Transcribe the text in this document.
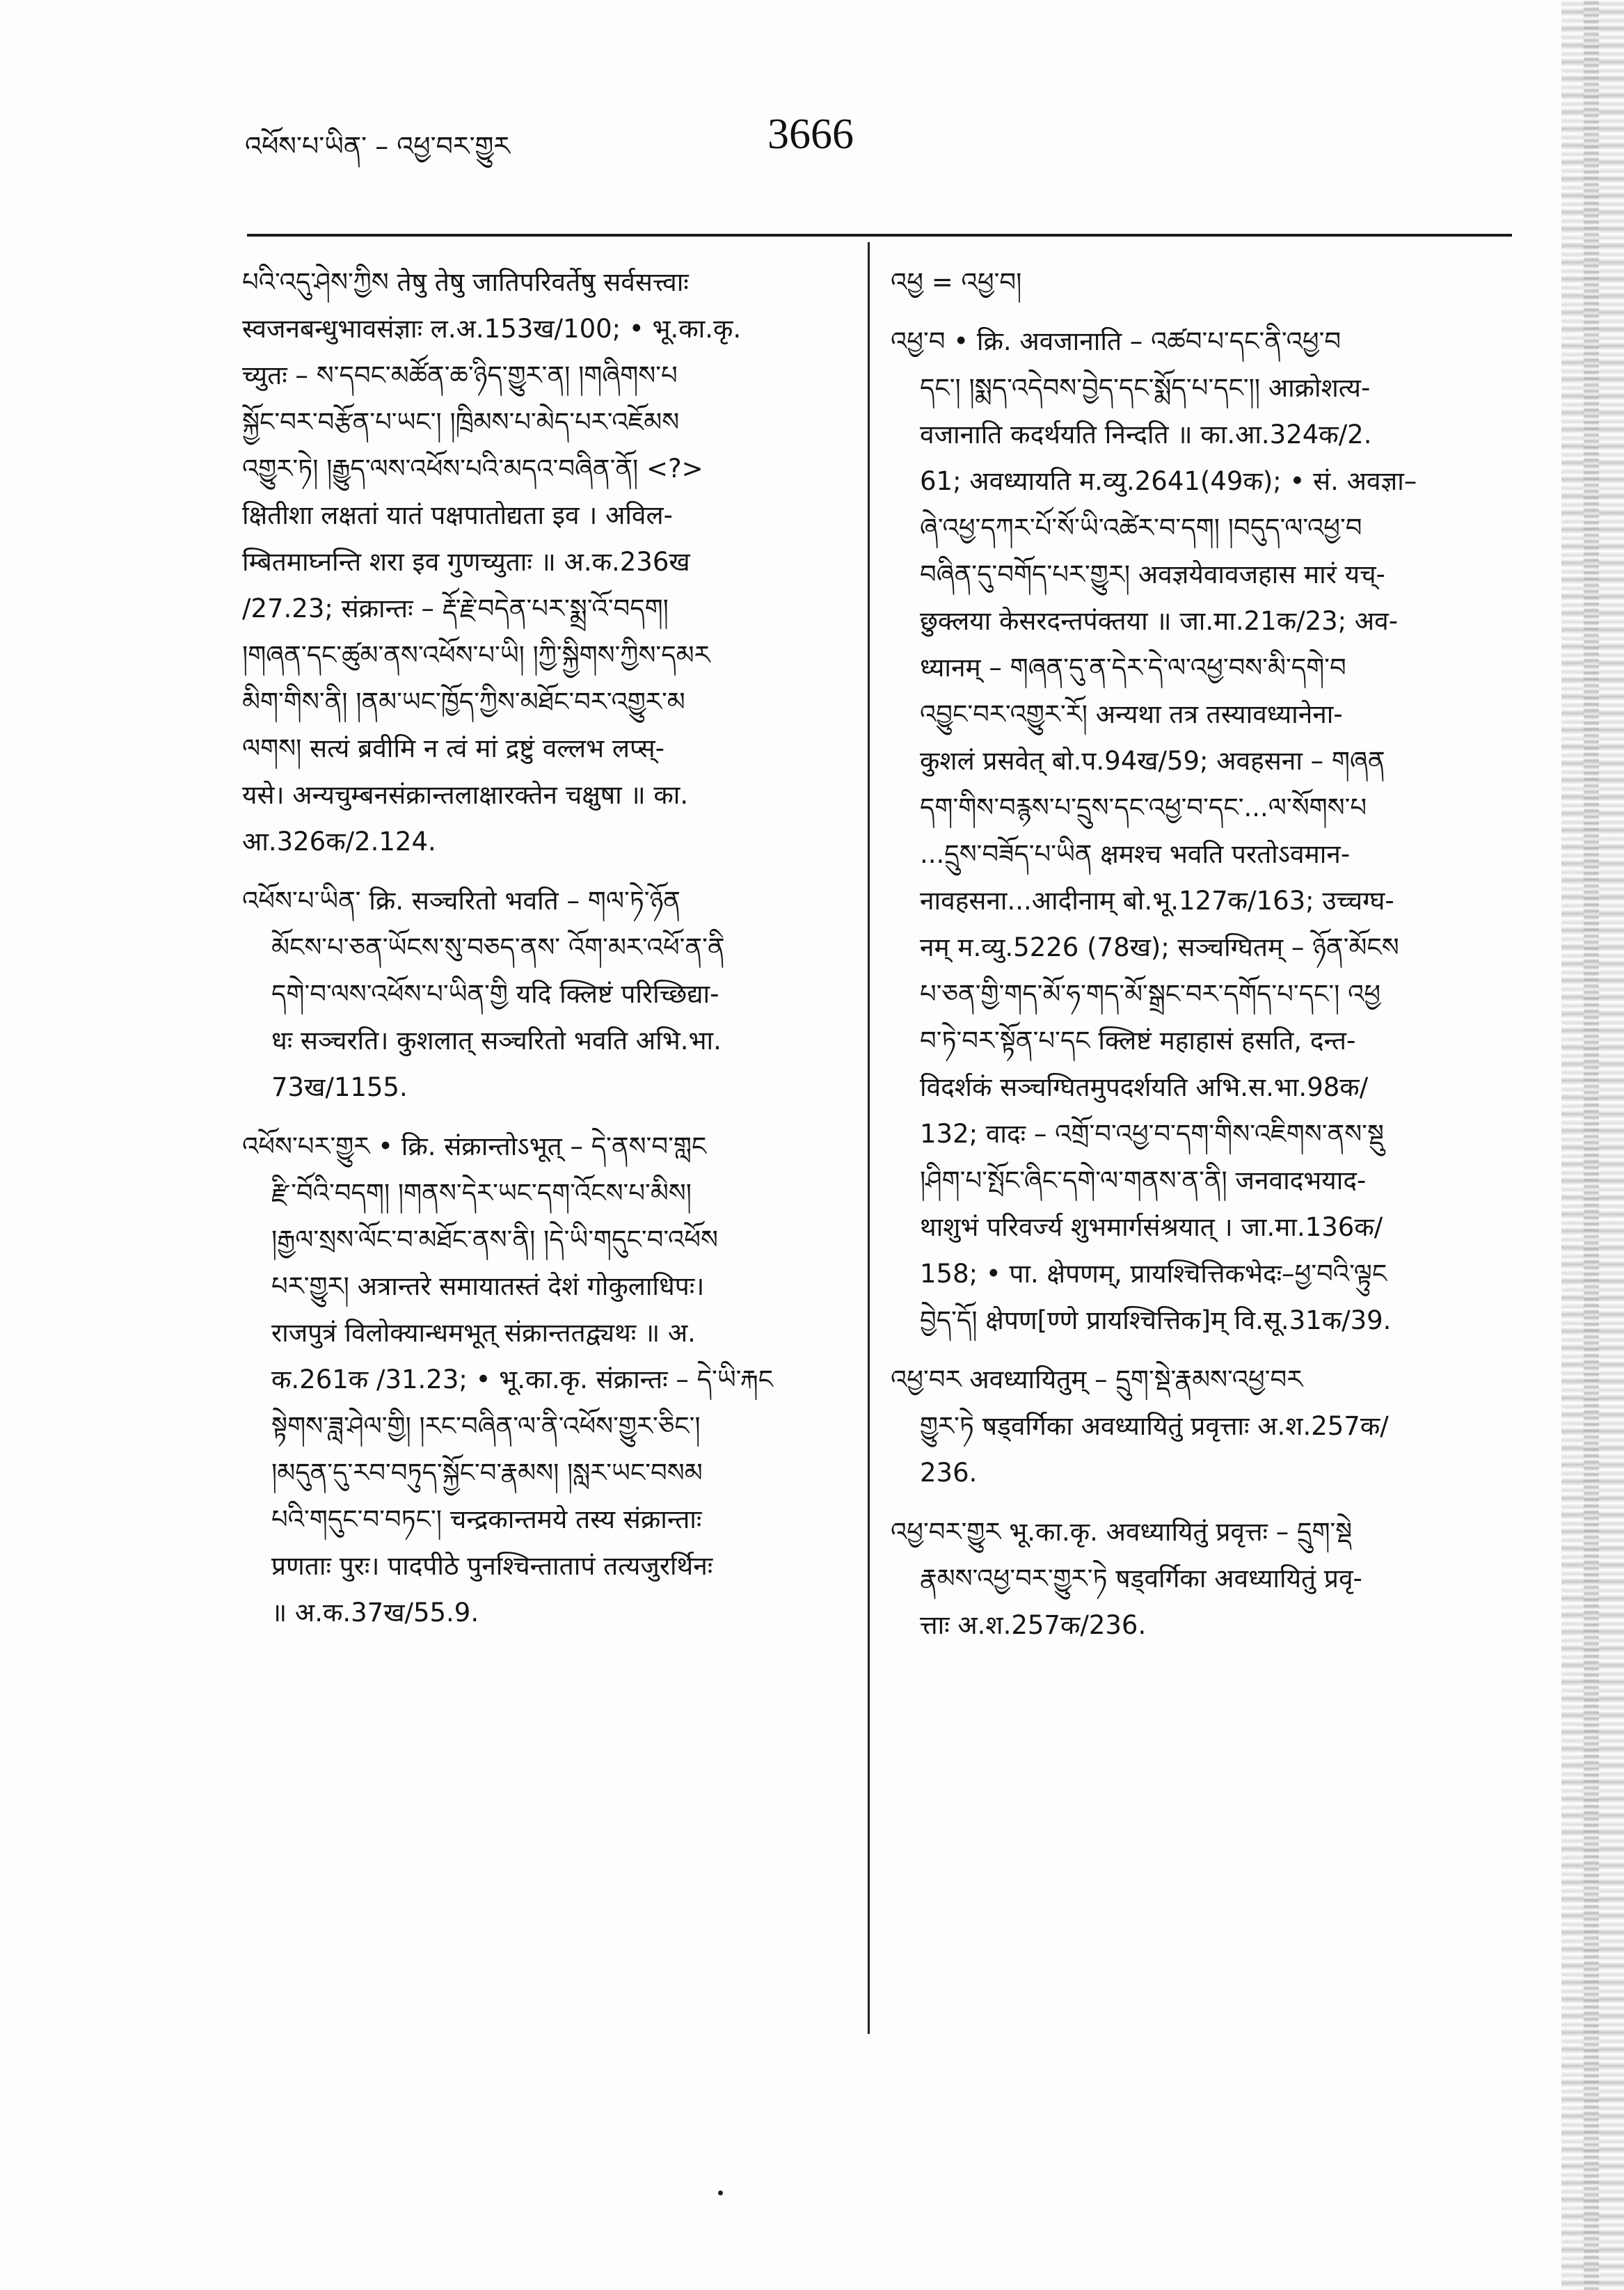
འཕོས་པ་ཡིན་ – འཕྱ་བར་གྱུར	3666

པའི་འདུ་ཤེས་ཀྱིས तेषु तेषु जातिपरिवर्तेषु सर्वसत्त्वाः

स्वजनबन्धुभावसंज्ञाः ल.अ.153ख/100; • भू.का.कृ.

च्युतः – ས་དབང་མཚོན་ཆ་ཉིད་གྱུར་ན། །གཞིགས་པ

སྐྱོང་བར་བརྩོན་པ་ཡང་། །ཁྲིམས་པ་མེད་པར་འཇོམས

འགྱུར་ཏེ། །རྒྱུད་ལས་འཕོས་པའི་མདའ་བཞིན་ནོ། <?>

क्षितीशा लक्षतां यातं पक्षपातोद्यता इव । अविल-

म्बितमाघ्नन्ति शरा इव गुणच्युताः ॥ अ.क.236ख

/27.23; संक्रान्तः – རྡོ་རྗེ་བདེན་པར་སྨྲ་འོ་བདག།

།གཞན་དང་ཚུམ་ནས་འཕོས་པ་ཡི། །ཀྱི་སྐྱིགས་ཀྱིས་དམར

མིག་གིས་ནི། །ནམ་ཡང་ཁྱོད་ཀྱིས་མཐོང་བར་འགྱུར་མ

ལགས། सत्यं ब्रवीमि न त्वं मां द्रष्टुं वल्लभ लप्स्-

यसे। अन्यचुम्बनसंक्रान्तलाक्षारक्तेन चक्षुषा ॥ का.

आ.326क/2.124.

འཕོས་པ་ཡིན་ क्रि. सञ्चरितो भवति – གལ་ཏེ་ཉོན

མོངས་པ་ཅན་ཡོངས་སུ་བཅད་ནས་ འོག་མར་འཕོ་ན་ནི

དགེ་བ་ལས་འཕོས་པ་ཡིན་གྱི यदि क्लिष्टं परिच्छिद्या-

धः सञ्चरति। कुशलात् सञ्चरितो भवति अभि.भा.

73ख/1155.

འཕོས་པར་གྱུར • क्रि. संक्रान्तोऽभूत् – དེ་ནས་བ་གླང

རྫི་བོའི་བདག། །གནས་དེར་ཡང་དག་འོངས་པ་མིས།

།རྒྱལ་སྲས་ལོང་བ་མཐོང་ནས་ནི། །དེ་ཡི་གདུང་བ་འཕོས

པར་གྱུར། अत्रान्तरे समायातस्तं देशं गोकुलाधिपः।

राजपुत्रं विलोक्यान्धमभूत् संक्रान्ततद्व्यथः ॥ अ.

क.261क /31.23; • भू.का.कृ. संक्रान्तः – དེ་ཡི་རྐང

སྟེགས་ཟླ་ཤེལ་གྱི། །རང་བཞིན་ལ་ནི་འཕོས་གྱུར་ཅིང་།

།མདུན་དུ་རབ་བཏུད་སྐྱོང་བ་རྣམས། །སླར་ཡང་བསམ

པའི་གདུང་བ་བཏང་། चन्द्रकान्तमये तस्य संक्रान्ताः

प्रणताः पुरः। पादपीठे पुनश्चिन्तातापं तत्यजुरर्थिनः

॥ अ.क.37ख/55.9.

འཕྱ = འཕྱ་བ།

འཕྱ་བ • क्रि. अवजानाति – འཚབ་པ་དང་ནི་འཕྱ་བ

དང་། །སྨད་འདེབས་བྱེད་དང་སྨོད་པ་དང་།། आक्रोशत्य-

वजानाति कदर्थयति निन्दति ॥ का.आ.324क/2.

61; अवध्यायति म.व्यु.2641(49क); • सं. अवज्ञा–

ཞེ་འཕྱ་དཀར་པོ་སོ་ཡི་འཚེར་བ་དག། །བདུད་ལ་འཕྱ་བ

བཞིན་དུ་བགོད་པར་གྱུར། अवज्ञयेवावजहास मारं यच्-

छुक्लया केसरदन्तपंक्तया ॥ जा.मा.21क/23; अव-

ध्यानम् – གཞན་དུ་ན་དེར་དེ་ལ་འཕྱ་བས་མི་དགེ་བ

འབྱུང་བར་འགྱུར་རོ། अन्यथा तत्र तस्यावध्यानेना-

कुशलं प्रसवेत् बो.प.94ख/59; अवहसना – གཞན

དག་གིས་བརྙས་པ་དྲུས་དང་འཕྱ་བ་དང་...ལ་སོགས་པ

...དྲུས་བཟོད་པ་ཡིན क्षमश्च भवति परतोऽवमान-

नावहसना...आदीनाम् बो.भू.127क/163; उच्चग्घ-

नम् म.व्यु.5226 (78ख); सञ्चग्घितम् – ཉོན་མོངས

པ་ཅན་གྱི་གད་མོ་ཧ་གད་མོ་སྒྲང་བར་དགོད་པ་དང་། འཕྱ

བ་ཏེ་བར་སྟོན་པ་དང क्लिष्टं महाहासं हसति, दन्त-

विदर्शकं सञ्चग्घितमुपदर्शयति अभि.स.भा.98क/

132; वादः – འགྲོ་བ་འཕྱ་བ་དག་གིས་འཇིགས་ནས་སྡུ

།ཤིག་པ་སྤོང་ཞིང་དགེ་ལ་གནས་ན་ནི། जनवादभयाद-

थाशुभं परिवर्ज्य शुभमार्गसंश्रयात् । जा.मा.136क/

158; • पा. क्षेपणम्, प्रायश्चित्तिकभेदः–ཕྱ་བའི་ལྟུང

བྱེད་དོ། क्षेपण[ण्णे प्रायश्चित्तिक]म् वि.सू.31क/39.

འཕྱ་བར अवध्यायितुम् – དྲུག་སྡེ་རྣམས་འཕྱ་བར

གྱུར་ཏེ षड्वर्गिका अवध्यायितुं प्रवृत्ताः अ.श.257क/

236.

འཕྱ་བར་གྱུར भू.का.कृ. अवध्यायितुं प्रवृत्तः – དྲུག་སྡེ

རྣམས་འཕྱ་བར་གྱུར་ཏེ षड्वर्गिका अवध्यायितुं प्रवृ-

त्ताः अ.श.257क/236.
